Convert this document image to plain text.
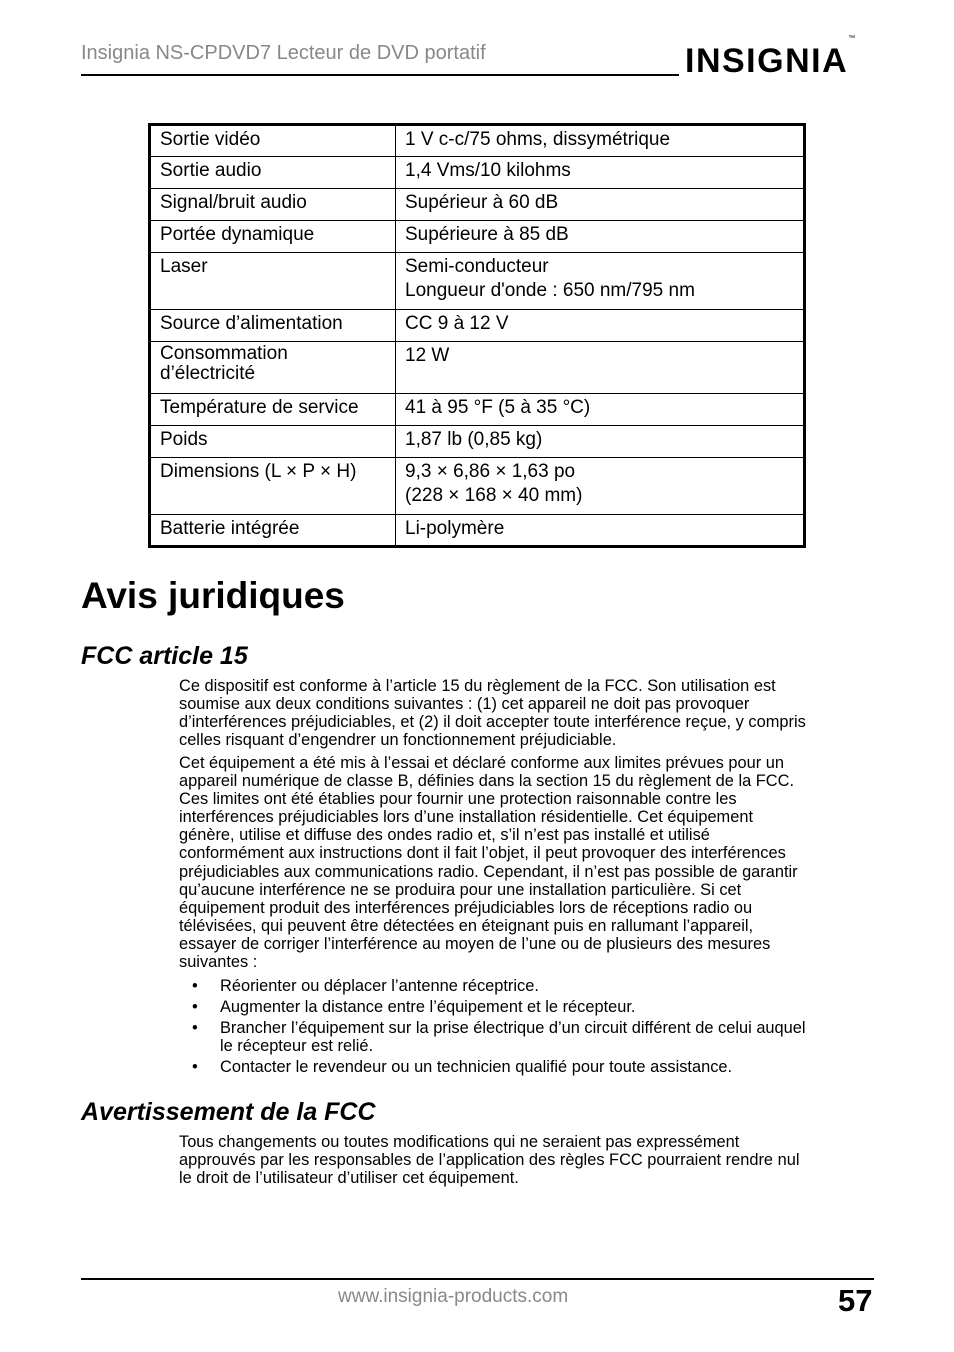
Insignia NS-CPDVD7 Lecteur de DVD portatif	INSIGNIA™
Sortie vidéo	1 V c-c/75 ohms, dissymétrique
Sortie audio	1,4 Vms/10 kilohms
Signal/bruit audio	Supérieur à 60 dB
Portée dynamique	Supérieure à 85 dB
Laser	Semi-conducteur
Longueur d'onde : 650 nm/795 nm

Source d’alimentation	CC 9 à 12 V

Consommation
d’électricité	12 W
Température de service	41 à 95 °F (5 à 35 °C)
Poids	1,87 lb (0,85 kg)
Dimensions (L × P × H)	9,3 × 6,86 × 1,63 po
(228 × 168 × 40 mm)

Batterie intégrée	Li-polymère
Avis juridiques
FCC article 15
Ce dispositif est conforme à l’article 15 du règlement de la FCC. Son utilisation est
soumise aux deux conditions suivantes : (1) cet appareil ne doit pas provoquer
d’interférences préjudiciables, et (2) il doit accepter toute interférence reçue, y compris
celles risquant d’engendrer un fonctionnement préjudiciable.
Cet équipement a été mis à l’essai et déclaré conforme aux limites prévues pour un
appareil numérique de classe B, définies dans la section 15 du règlement de la FCC.
Ces limites ont été établies pour fournir une protection raisonnable contre les
interférences préjudiciables lors d’une installation résidentielle. Cet équipement
génère, utilise et diffuse des ondes radio et, s’il n’est pas installé et utilisé
conformément aux instructions dont il fait l’objet, il peut provoquer des interférences
préjudiciables aux communications radio. Cependant, il n’est pas possible de garantir
qu’aucune interférence ne se produira pour une installation particulière. Si cet
équipement produit des interférences préjudiciables lors de réceptions radio ou
télévisées, qui peuvent être détectées en éteignant puis en rallumant l’appareil,
essayer de corriger l’interférence au moyen de l’une ou de plusieurs des mesures
suivantes :
• Réorienter ou déplacer l’antenne réceptrice.
• Augmenter la distance entre l’équipement et le récepteur.
• Brancher l’équipement sur la prise électrique d’un circuit différent de celui auquel
le récepteur est relié.
• Contacter le revendeur ou un technicien qualifié pour toute assistance.
Avertissement de la FCC
Tous changements ou toutes modifications qui ne seraient pas expressément
approuvés par les responsables de l’application des règles FCC pourraient rendre nul
le droit de l’utilisateur d’utiliser cet équipement.
www.insignia-products.com	57
